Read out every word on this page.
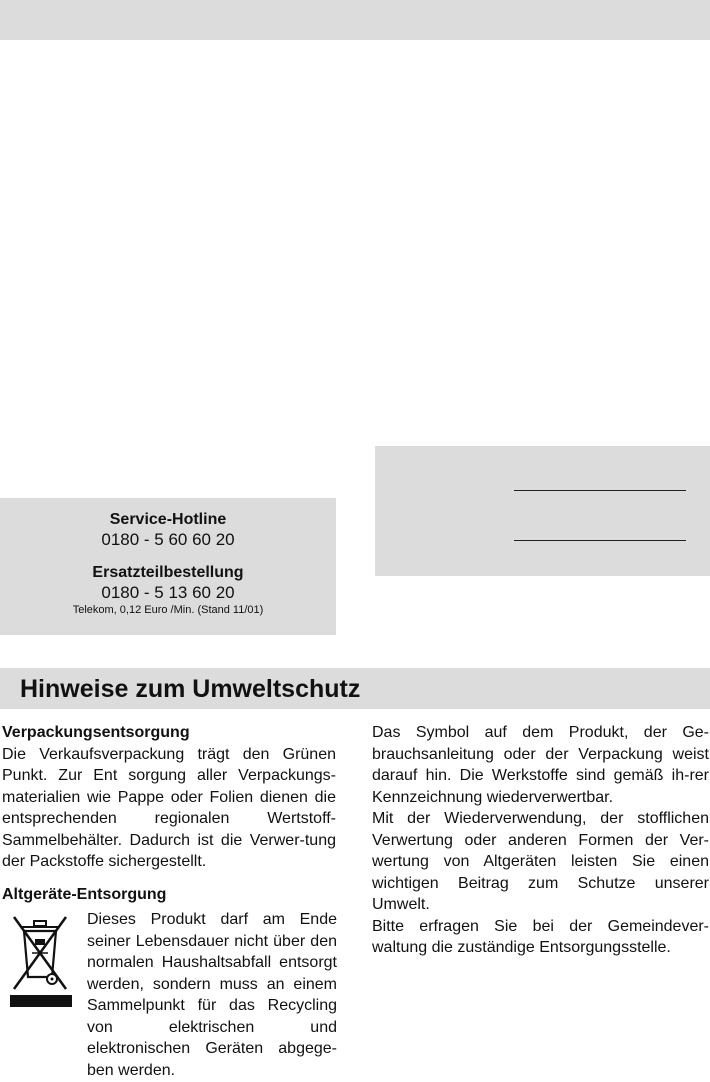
Service-Hotline
0180 - 5 60 60 20
Ersatzteilbestellung
0180 - 5 13 60 20
Telekom, 0,12 Euro /Min. (Stand 11/01)
Hinweise zum Umweltschutz

Verpackungsentsorgung

Die Verkaufsverpackung trägt den Grünen Punkt. Zur Ent sorgung aller Verpackungs-materialien wie Pappe oder Folien dienen die entsprechenden regionalen Wertstoff-Sammelbehälter. Dadurch ist die Verwer-tung der Packstoffe sichergestellt.

Altgeräte-Entsorgung

Dieses Produkt darf am Ende seiner Lebensdauer nicht über den normalen Haushaltsabfall entsorgt werden, sondern muss an einem Sammelpunkt für das Recycling von elektrischen und elektronischen Geräten abgege-ben werden.

Das Symbol auf dem Produkt, der Ge-brauchsanleitung oder der Verpackung weist darauf hin. Die Werkstoffe sind gemäß ih-rer Kennzeichnung wiederverwertbar.

Mit der Wiederverwendung, der stofflichen Verwertung oder anderen Formen der Ver-wertung von Altgeräten leisten Sie einen wichtigen Beitrag zum Schutze unserer Umwelt.

Bitte erfragen Sie bei der Gemeindever-waltung die zuständige Entsorgungsstelle.
